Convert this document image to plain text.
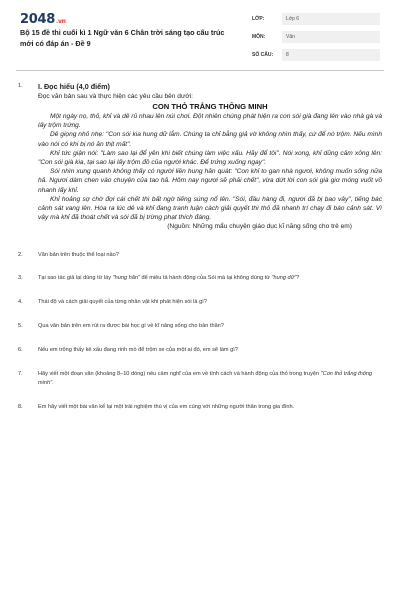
2048.vn
Bộ 15 đề thi cuối kì 1 Ngữ văn 6 Chân trời sáng tạo cấu trúc mới có đáp án - Đề 9
LỚP:	Lớp 6
MÔN:	Văn
SỐ CÂU:	8
1.	I. Đọc hiểu (4,0 điểm)
Đọc văn bản sau và thực hiện các yêu cầu bên dưới:
CON THỎ TRẮNG THÔNG MINH

Một ngày nọ, thỏ, khỉ và dê rủ nhau lên núi chơi. Đột nhiên chúng phát hiện ra con sói già đang lén vào nhà gà và lấy trộm trứng.

Dê giọng nhỏ nhẹ: "Con sói kia hung dữ lắm. Chúng ta chỉ bằng giả vờ không nhìn thấy, cứ để nó trộm. Nếu mình vào nói có khi bị nó ăn thịt mất".

Khỉ tức giận nói: "Làm sao lại để yên khi biết chúng làm việc xấu. Hãy để tôi". Nói xong, khỉ dũng cảm xông lên: "Con sói già kia, tại sao lại lấy trộm đồ của người khác. Để trứng xuống ngay".

Sói nhìn xung quanh không thấy có người liền hung hăn quát: "Con khỉ to gan nhà ngươi, không muốn sống nữa hả. Ngươi dám chen vào chuyện của tao hả. Hôm nay ngươi sẽ phải chết", vừa dứt lời con sói già giơ móng vuốt vồ nhanh lấy khỉ.

Khỉ hoảng sợ chờ đợi cái chết thì bất ngờ tiếng súng nổ lên. "Sói, đầu hàng đi, ngươi đã bị bao vây", tiếng bác cảnh sát vang lên. Hóa ra lúc dê và khỉ đang tranh luận cách giải quyết thì thỏ đã nhanh trí chạy đi báo cảnh sát. Vì vậy mà khỉ đã thoát chết và sói đã bị trừng phạt thích đáng.

(Nguồn: Những mẩu chuyện giáo dục kĩ năng sống cho trẻ em)
2.	Văn bản trên thuộc thể loại nào?
3.	Tại sao tác giả lại dùng từ láy "hung hăn" để miêu tả hành động của Sói mà lại không dùng từ "hung dữ"?
4.	Thái độ và cách giải quyết của từng nhân vật khi phát hiện sói là gì?
5.	Qua văn bản trên em rút ra được bài học gì về kĩ năng sống cho bản thân?
6.	Nếu em trông thấy kẻ xấu đang rình mò để trộm xe của một ai đó, em sẽ làm gì?
7.	Hãy viết một đoạn văn (khoảng 8–10 dòng) nêu cảm nghĩ của em về tính cách và hành động của thỏ trong truyện "Con thỏ trắng thông minh".
8.	Em hãy viết một bài văn kể lại một trải nghiệm thú vị của em cùng với những người thân trong gia đình.
